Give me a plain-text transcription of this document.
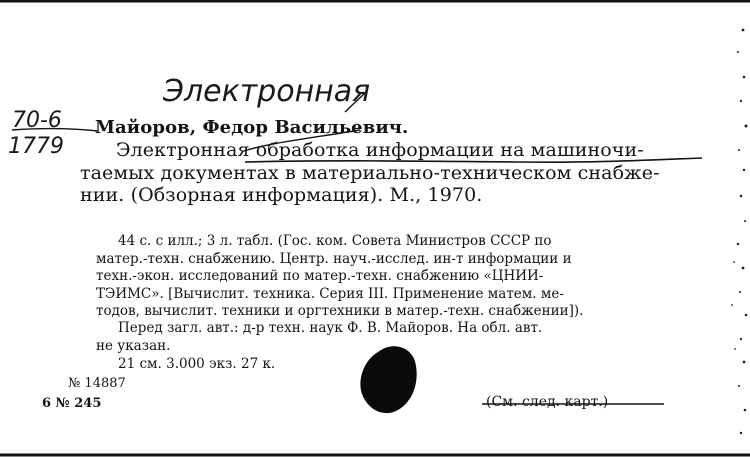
Электронная
70-6
1779
Майоров, Федор Васильевич.
Электронная обработка информации на машиночи-
таемых документах в материально-техническом снабже-
нии. (Обзорная информация). М., 1970.
44 с. с илл.; 3 л. табл. (Гос. ком. Совета Министров СССР по
матер.-техн. снабжению. Центр. науч.-исслед. ин-т информации и
техн.-экон. исследований по матер.-техн. снабжению «ЦНИИ-
ТЭИМС». [Вычислит. техника. Серия III. Применение матем. ме-
тодов, вычислит. техники и оргтехники в матер.-техн. снабжении]).
Перед загл. авт.: д-р техн. наук Ф. В. Майоров. На обл. авт.
не указан.
21 см. 3.000 экз. 27 к.
№ 14887
6 № 245	(См. след. карт.)
